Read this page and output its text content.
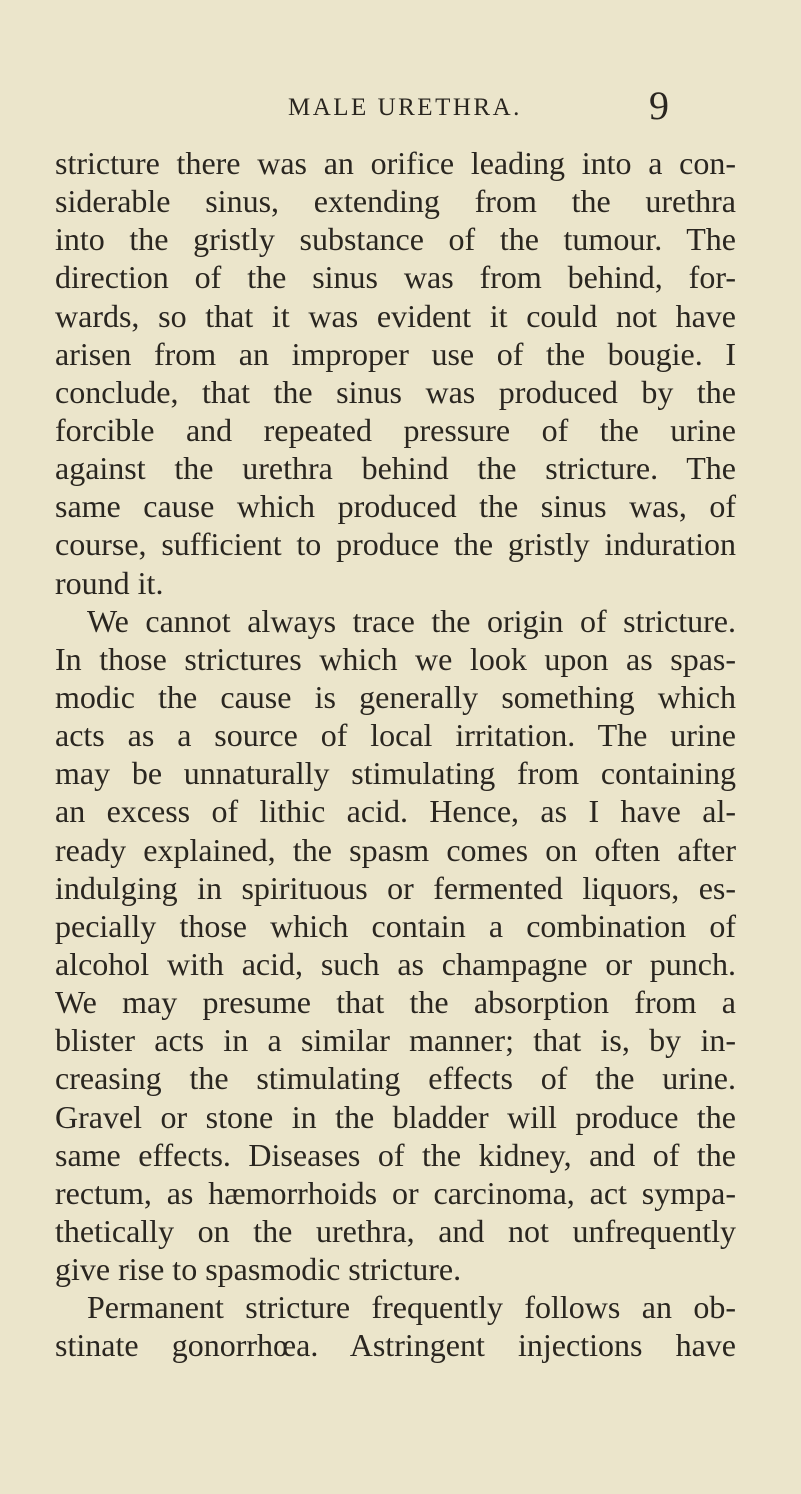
MALE URETHRA.	9
stricture there was an orifice leading into a con-
siderable sinus, extending from the urethra
into the gristly substance of the tumour. The
direction of the sinus was from behind, for-
wards, so that it was evident it could not have
arisen from an improper use of the bougie. I
conclude, that the sinus was produced by the
forcible and repeated pressure of the urine
against the urethra behind the stricture. The
same cause which produced the sinus was, of
course, sufficient to produce the gristly induration
round it.
We cannot always trace the origin of stricture.
In those strictures which we look upon as spas-
modic the cause is generally something which
acts as a source of local irritation. The urine
may be unnaturally stimulating from containing
an excess of lithic acid. Hence, as I have al-
ready explained, the spasm comes on often after
indulging in spirituous or fermented liquors, es-
pecially those which contain a combination of
alcohol with acid, such as champagne or punch.
We may presume that the absorption from a
blister acts in a similar manner; that is, by in-
creasing the stimulating effects of the urine.
Gravel or stone in the bladder will produce the
same effects. Diseases of the kidney, and of the
rectum, as hæmorrhoids or carcinoma, act sympa-
thetically on the urethra, and not unfrequently
give rise to spasmodic stricture.
Permanent stricture frequently follows an ob-
stinate gonorrhœa. Astringent injections have
